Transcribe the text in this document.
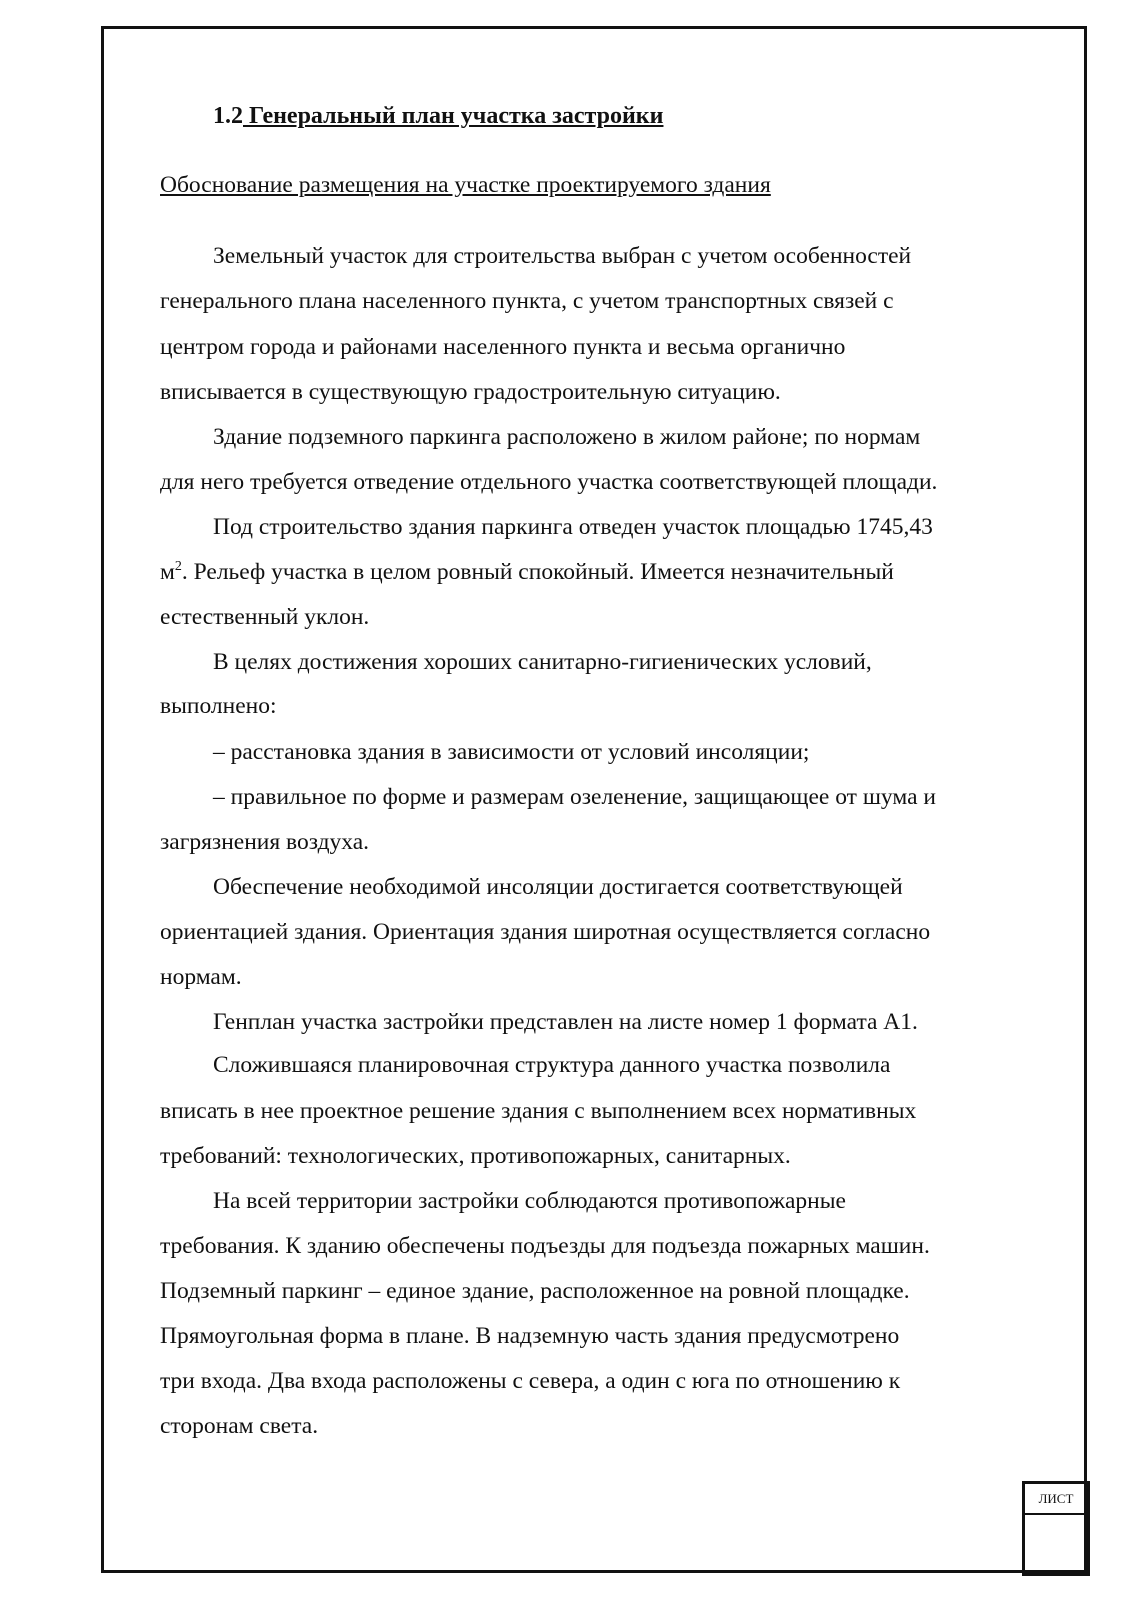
1.2 Генеральный план участка застройки
Обоснование размещения на участке проектируемого здания
Земельный участок для строительства выбран с учетом особенностей
генерального плана населенного пункта, с учетом транспортных связей с
центром города и районами населенного пункта и весьма органично
вписывается в существующую градостроительную ситуацию.
Здание подземного паркинга расположено в жилом районе; по нормам
для него требуется отведение отдельного участка соответствующей площади.
Под строительство здания паркинга отведен участок площадью 1745,43
$м^2$. Рельеф участка в целом ровный спокойный. Имеется незначительный
естественный уклон.
В целях достижения хороших санитарно-гигиенических условий,
выполнено:
– расстановка здания в зависимости от условий инсоляции;
– правильное по форме и размерам озеленение, защищающее от шума и
загрязнения воздуха.
Обеспечение необходимой инсоляции достигается соответствующей
ориентацией здания. Ориентация здания широтная осуществляется согласно
нормам.
Генплан участка застройки представлен на листе номер 1 формата А1.
Сложившаяся планировочная структура данного участка позволила
вписать в нее проектное решение здания с выполнением всех нормативных
требований: технологических, противопожарных, санитарных.
На всей территории застройки соблюдаются противопожарные
требования. К зданию обеспечены подъезды для подъезда пожарных машин.
Подземный паркинг – единое здание, расположенное на ровной площадке.
Прямоугольная форма в плане. В надземную часть здания предусмотрено
три входа. Два входа расположены с севера, а один с юга по отношению к
сторонам света.
ЛИСТ
